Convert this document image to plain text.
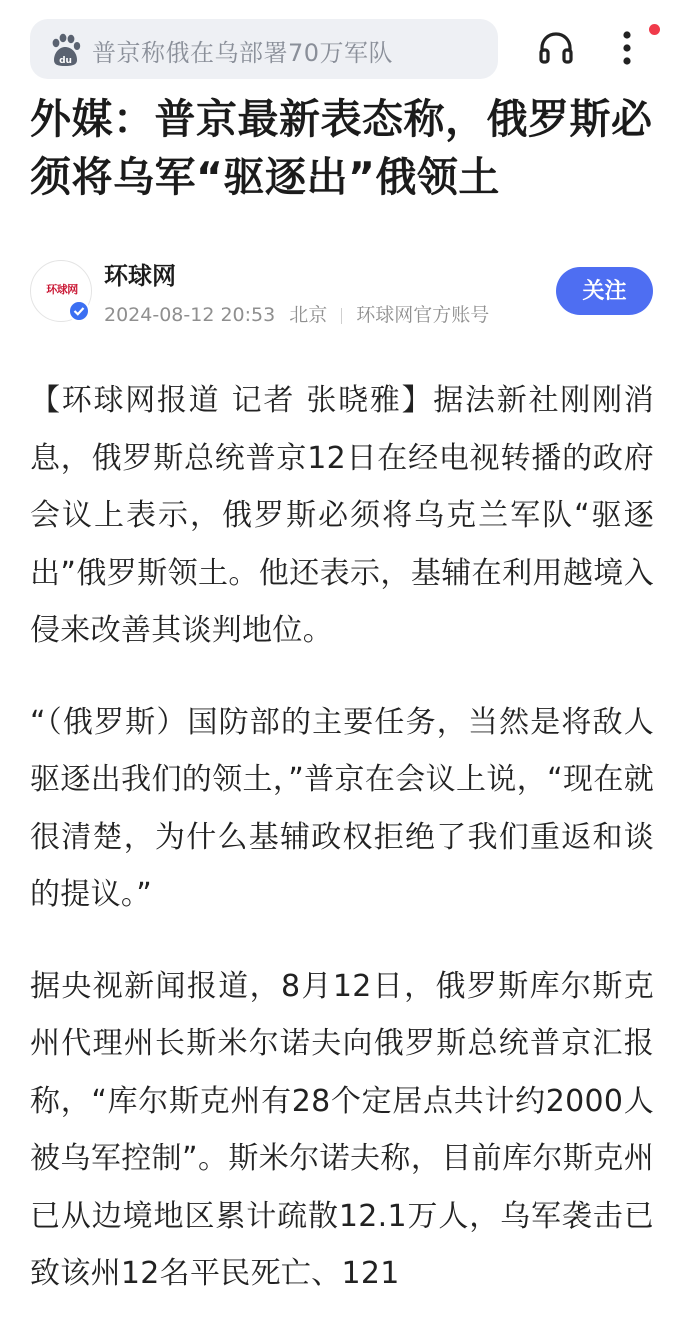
du 普京称俄在乌部署70万军队
外媒：普京最新表态称，俄罗斯必须将乌军“驱逐出”俄领土
环球网	环球网
2024-08-12 20:53 北京 环球网官方账号
关注

【环球网报道 记者 张晓雅】据法新社刚刚消息，俄罗斯总统普京12日在经电视转播的政府会议上表示，俄罗斯必须将乌克兰军队“驱逐出”俄罗斯领土。他还表示，基辅在利用越境入侵来改善其谈判地位。

“（俄罗斯）国防部的主要任务，当然是将敌人驱逐出我们的领土，”普京在会议上说，“现在就很清楚，为什么基辅政权拒绝了我们重返和谈的提议。”

据央视新闻报道，8月12日，俄罗斯库尔斯克州代理州长斯米尔诺夫向俄罗斯总统普京汇报称，“库尔斯克州有28个定居点共计约2000人被乌军控制”。斯米尔诺夫称，目前库尔斯克州已从边境地区累计疏散12.1万人，乌军袭击已致该州12名平民死亡、121
